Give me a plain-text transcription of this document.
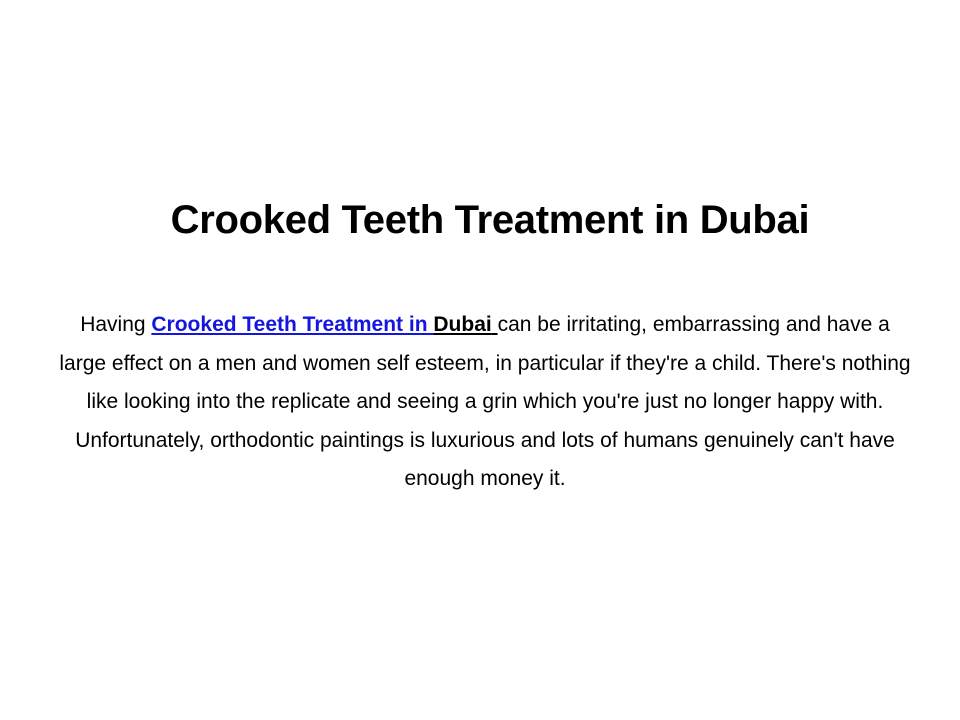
Crooked Teeth Treatment in Dubai

Having Crooked Teeth Treatment in Dubai can be irritating, embarrassing and have a large effect on a men and women self esteem, in particular if they're a child. There's nothing like looking into the replicate and seeing a grin which you're just no longer happy with. Unfortunately, orthodontic paintings is luxurious and lots of humans genuinely can't have enough money it.
